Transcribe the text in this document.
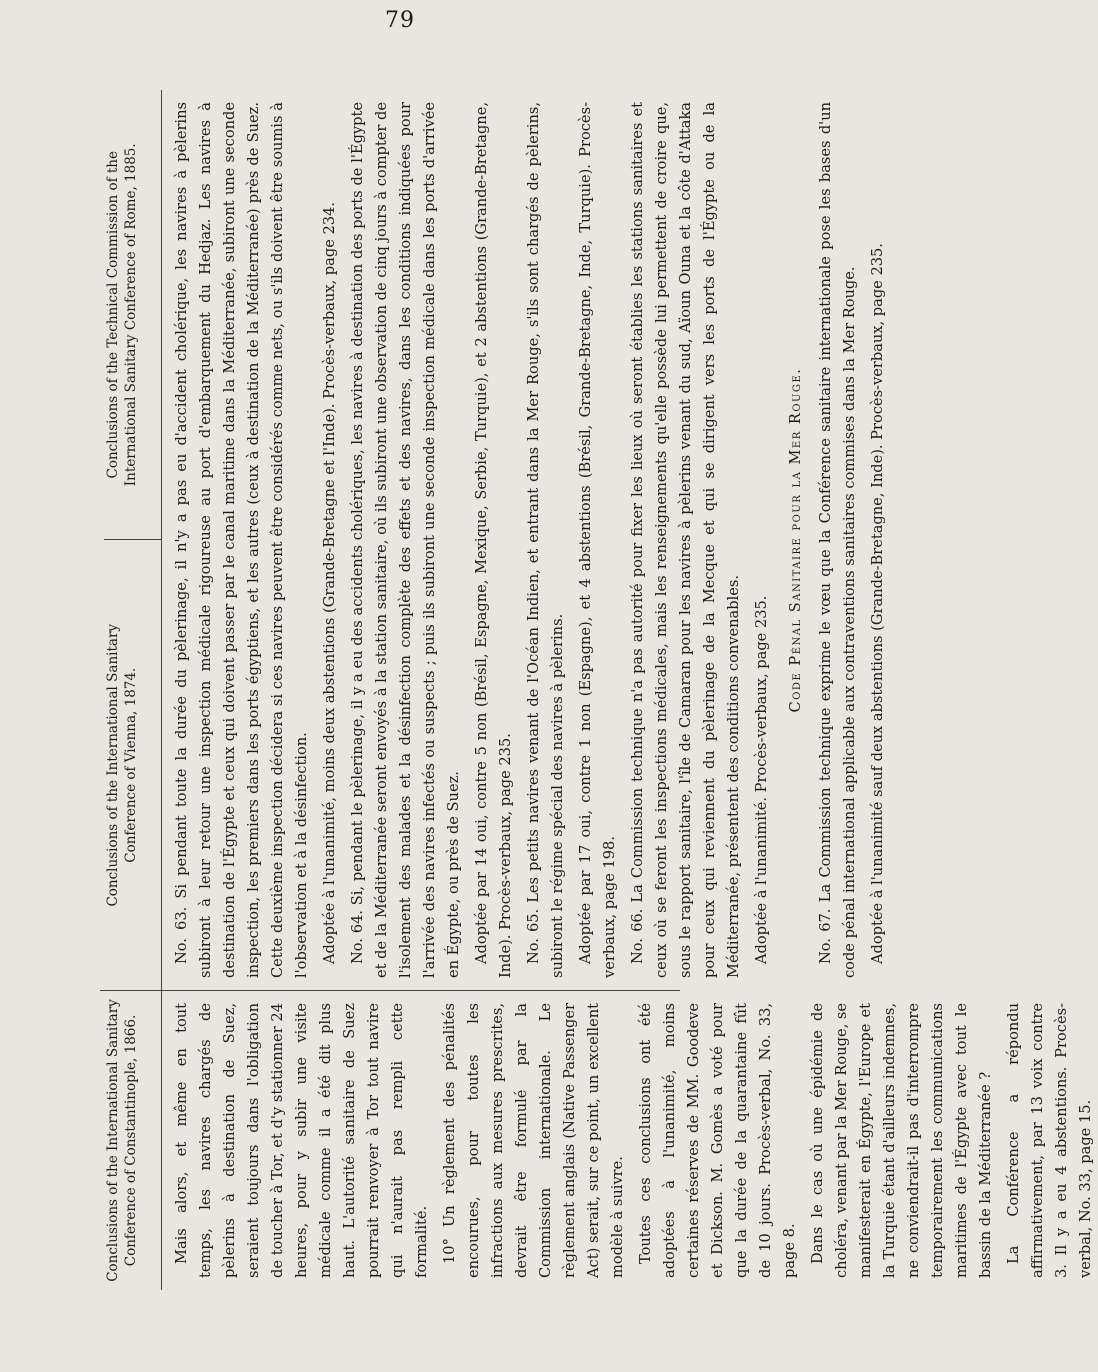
79
Conclusions of the International Sanitary Conference of Constantinople, 1866. Mais alors, et même en tout temps, les navires chargés de pèlerins à destination de Suez, seraient toujours dans l'obligation de toucher à Tor, et d'y stationner 24 heures, pour y subir une visite médicale comme il a été dit plus haut. L'autorité sanitaire de Suez pourrait renvoyer à Tor tout navire qui n'aurait pas rempli cette formalité. 10° Un règlement des pénalités encourues, pour toutes les infractions aux mesures prescrites, devrait être formulé par la Commission internationale. Le règlement anglais (Native Passenger Act) serait, sur ce point, un excellent modèle à suivre. Toutes ces conclusions ont été adoptées à l'unanimité, moins certaines réserves de MM. Goodeve et Dickson. M. Gomès a voté pour que la durée de la quarantaine fût de 10 jours. Procès-verbal, No. 33, page 8. Dans le cas où une épidémie de choléra, venant par la Mer Rouge, se manifesterait en Égypte, l'Europe et la Turquie étant d'ailleurs indemnes, ne conviendrait-il pas d'interrompre temporairement les communications maritimes de l'Égypte avec tout le bassin de la Méditerranée ? La Conférence a répondu affirmativement, par 13 voix contre 3. Il y a eu 4 abstentions. Procès-verbal, No. 33, page 15.

Conclusions of the International Sanitary Conference of Vienna, 1874.
Conclusions of the Technical Commission of the International Sanitary Conference of Rome, 1885. No. 63. Si pendant toute la durée du pèlerinage, il n'y a pas eu d'accident cholérique, les navires à pèlerins subiront à leur retour une inspection médicale rigoureuse au port d'embarquement du Hedjaz. Les navires à destination de l'Égypte et ceux qui doivent passer par le canal maritime dans la Méditerranée, subiront une seconde inspection, les premiers dans les ports égyptiens, et les autres (ceux à destination de la Méditerranée) près de Suez. Cette deuxième inspection décidera si ces navires peuvent être considérés comme nets, ou s'ils doivent être soumis à l'observation et à la désinfection. Adoptée à l'unanimité, moins deux abstentions (Grande-Bretagne et l'Inde). Procès-verbaux, page 234. No. 64. Si, pendant le pèlerinage, il y a eu des accidents cholériques, les navires à destination des ports de l'Égypte et de la Méditerranée seront envoyés à la station sanitaire, où ils subiront une observation de cinq jours à compter de l'isolement des malades et la désinfection complète des effets et des navires, dans les conditions indiquées pour l'arrivée des navires infectés ou suspects ; puis ils subiront une seconde inspection médicale dans les ports d'arrivée en Égypte, ou près de Suez. Adoptée par 14 oui, contre 5 non (Brésil, Espagne, Mexique, Serbie, Turquie), et 2 abstentions (Grande-Bretagne, Inde). Procès-verbaux, page 235. No. 65. Les petits navires venant de l'Océan Indien, et entrant dans la Mer Rouge, s'ils sont chargés de pèlerins, subiront le régime spécial des navires à pèlerins. Adoptée par 17 oui, contre 1 non (Espagne), et 4 abstentions (Brésil, Grande-Bretagne, Inde, Turquie). Procès-verbaux, page 198. No. 66. La Commission technique n'a pas autorité pour fixer les lieux où seront établies les stations sanitaires et ceux où se feront les inspections médicales, mais les renseignements qu'elle possède lui permettent de croire que, sous le rapport sanitaire, l'île de Camaran pour les navires à pèlerins venant du sud, Aïoun Ouna et la côte d'Attaka pour ceux qui reviennent du pèlerinage de la Mecque et qui se dirigent vers les ports de l'Égypte ou de la Méditerranée, présentent des conditions convenables. Adoptée à l'unanimité. Procès-verbaux, page 235.

Code Pénal Sanitaire pour la Mer Rouge. No. 67. La Commission technique exprime le vœu que la Conférence sanitaire internationale pose les bases d'un code pénal international applicable aux contraventions sanitaires commises dans la Mer Rouge. Adoptée à l'unanimité sauf deux abstentions (Grande-Bretagne, Inde). Procès-verbaux, page 235.
